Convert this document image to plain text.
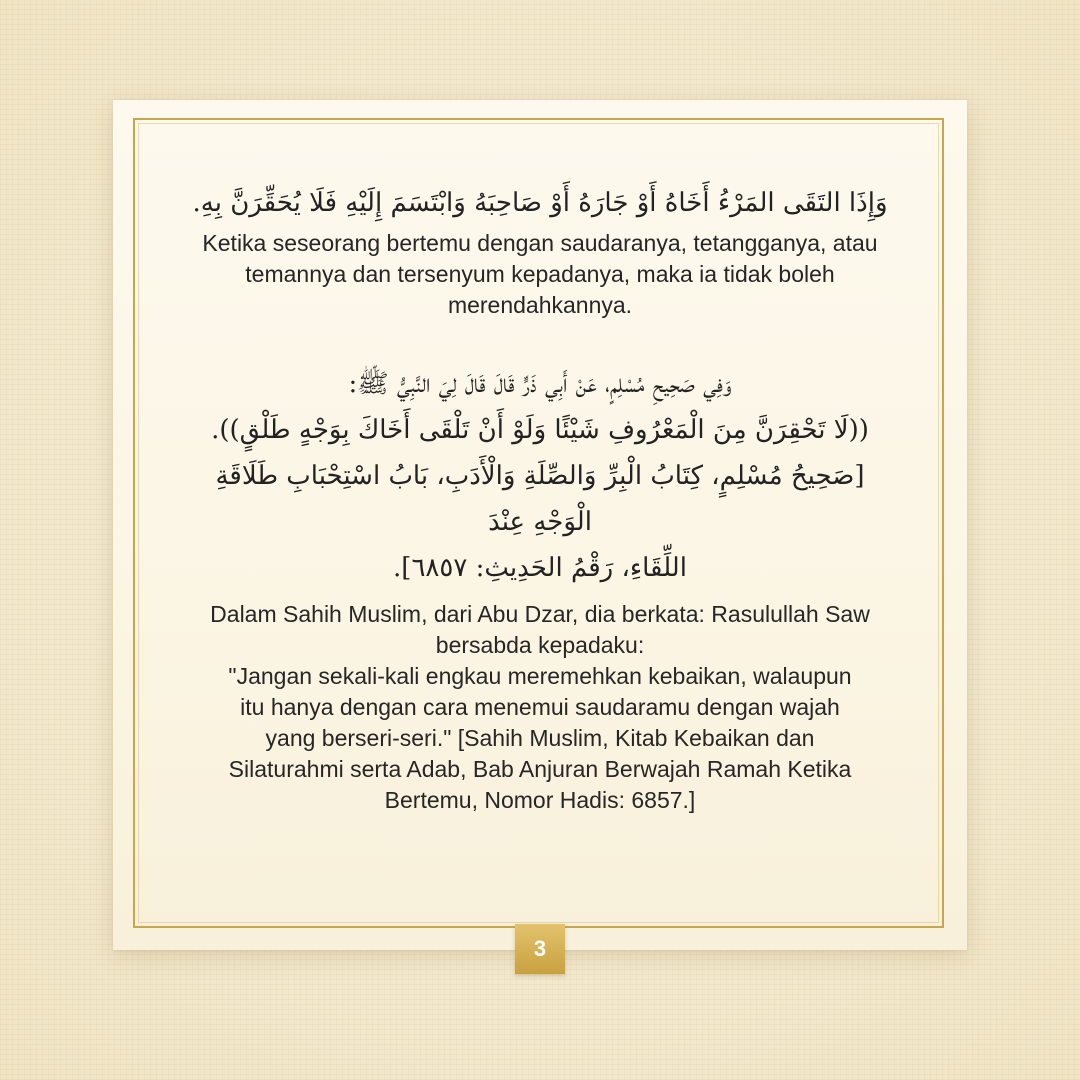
وَإِذَا التَقَى المَرْءُ أَخَاهُ أَوْ جَارَهُ أَوْ صَاحِبَهُ وَابْتَسَمَ إِلَيْهِ فَلَا يُحَقِّرَنَّ بِهِ.

Ketika seseorang bertemu dengan saudaranya, tetangganya, atau temannya dan tersenyum kepadanya, maka ia tidak boleh merendahkannya.

وَفِي صَحِيحِ مُسْلِمٍ، عَنْ أَبِي ذَرٍّ قَالَ قَالَ لِيَ النَّبِيُّ ﷺ:
((لَا تَحْقِرَنَّ مِنَ الْمَعْرُوفِ شَيْئًا وَلَوْ أَنْ تَلْقَى أَخَاكَ بِوَجْهٍ طَلْقٍ)).
[صَحِيحُ مُسْلِمٍ، كِتَابُ الْبِرِّ وَالصِّلَةِ وَالْأَدَبِ، بَابُ اسْتِحْبَابِ طَلَاقَةِ الْوَجْهِ عِنْدَ
اللِّقَاءِ، رَقْمُ الحَدِيثِ: ٦٨٥٧].
Dalam Sahih Muslim, dari Abu Dzar, dia berkata: Rasulullah Saw
bersabda kepadaku:
"Jangan sekali-kali engkau meremehkan kebaikan, walaupun
itu hanya dengan cara menemui saudaramu dengan wajah
yang berseri-seri." [Sahih Muslim, Kitab Kebaikan dan
Silaturahmi serta Adab, Bab Anjuran Berwajah Ramah Ketika
Bertemu, Nomor Hadis: 6857.]
3
